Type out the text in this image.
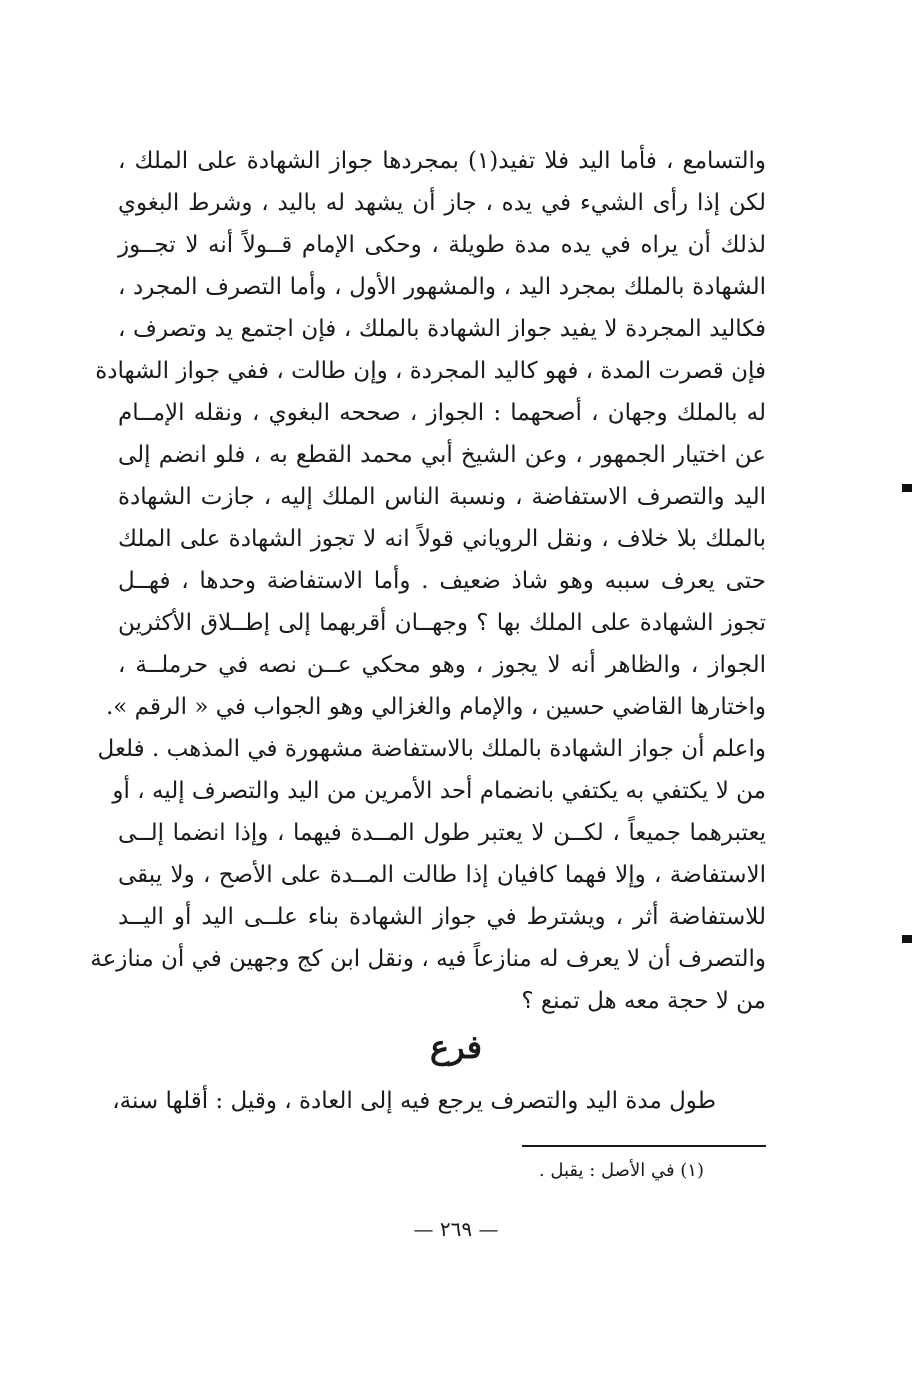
والتسامع ، فأما اليد فلا تفيد(١) بمجردها جواز الشهادة على الملك ،
لكن إذا رأى الشيء في يده ، جاز أن يشهد له باليد ، وشرط البغوي
لذلك أن يراه في يده مدة طويلة ، وحكى الإمام قــولاً أنه لا تجــوز
الشهادة بالملك بمجرد اليد ، والمشهور الأول ، وأما التصرف المجرد ،
فكاليد المجردة لا يفيد جواز الشهادة بالملك ، فإن اجتمع يد وتصرف ،
فإن قصرت المدة ، فهو كاليد المجردة ، وإن طالت ، ففي جواز الشهادة
له بالملك وجهان ، أصحهما : الجواز ، صححه البغوي ، ونقله الإمــام
عن اختيار الجمهور ، وعن الشيخ أبي محمد القطع به ، فلو انضم إلى
اليد والتصرف الاستفاضة ، ونسبة الناس الملك إليه ، جازت الشهادة
بالملك بلا خلاف ، ونقل الروياني قولاً انه لا تجوز الشهادة على الملك
حتى يعرف سببه وهو شاذ ضعيف . وأما الاستفاضة وحدها ، فهــل
تجوز الشهادة على الملك بها ؟ وجهــان أقربهما إلى إطــلاق الأكثرين
الجواز ، والظاهر أنه لا يجوز ، وهو محكي عــن نصه في حرملــة ،
واختارها القاضي حسين ، والإمام والغزالي وهو الجواب في « الرقم ».
واعلم أن جواز الشهادة بالملك بالاستفاضة مشهورة في المذهب . فلعل
من لا يكتفي به يكتفي بانضمام أحد الأمرين من اليد والتصرف إليه ، أو
يعتبرهما جميعاً ، لكــن لا يعتبر طول المــدة فيهما ، وإذا انضما إلــى
الاستفاضة ، وإلا فهما كافيان إذا طالت المــدة على الأصح ، ولا يبقى
للاستفاضة أثر ، ويشترط في جواز الشهادة بناء علــى اليد أو اليــد
والتصرف أن لا يعرف له منازعاً فيه ، ونقل ابن كج وجهين في أن منازعة
من لا حجة معه هل تمنع ؟
فرع
طول مدة اليد والتصرف يرجع فيه إلى العادة ، وقيل : أقلها سنة،
(١) في الأصل : يقبل .
— ٢٦٩ —
